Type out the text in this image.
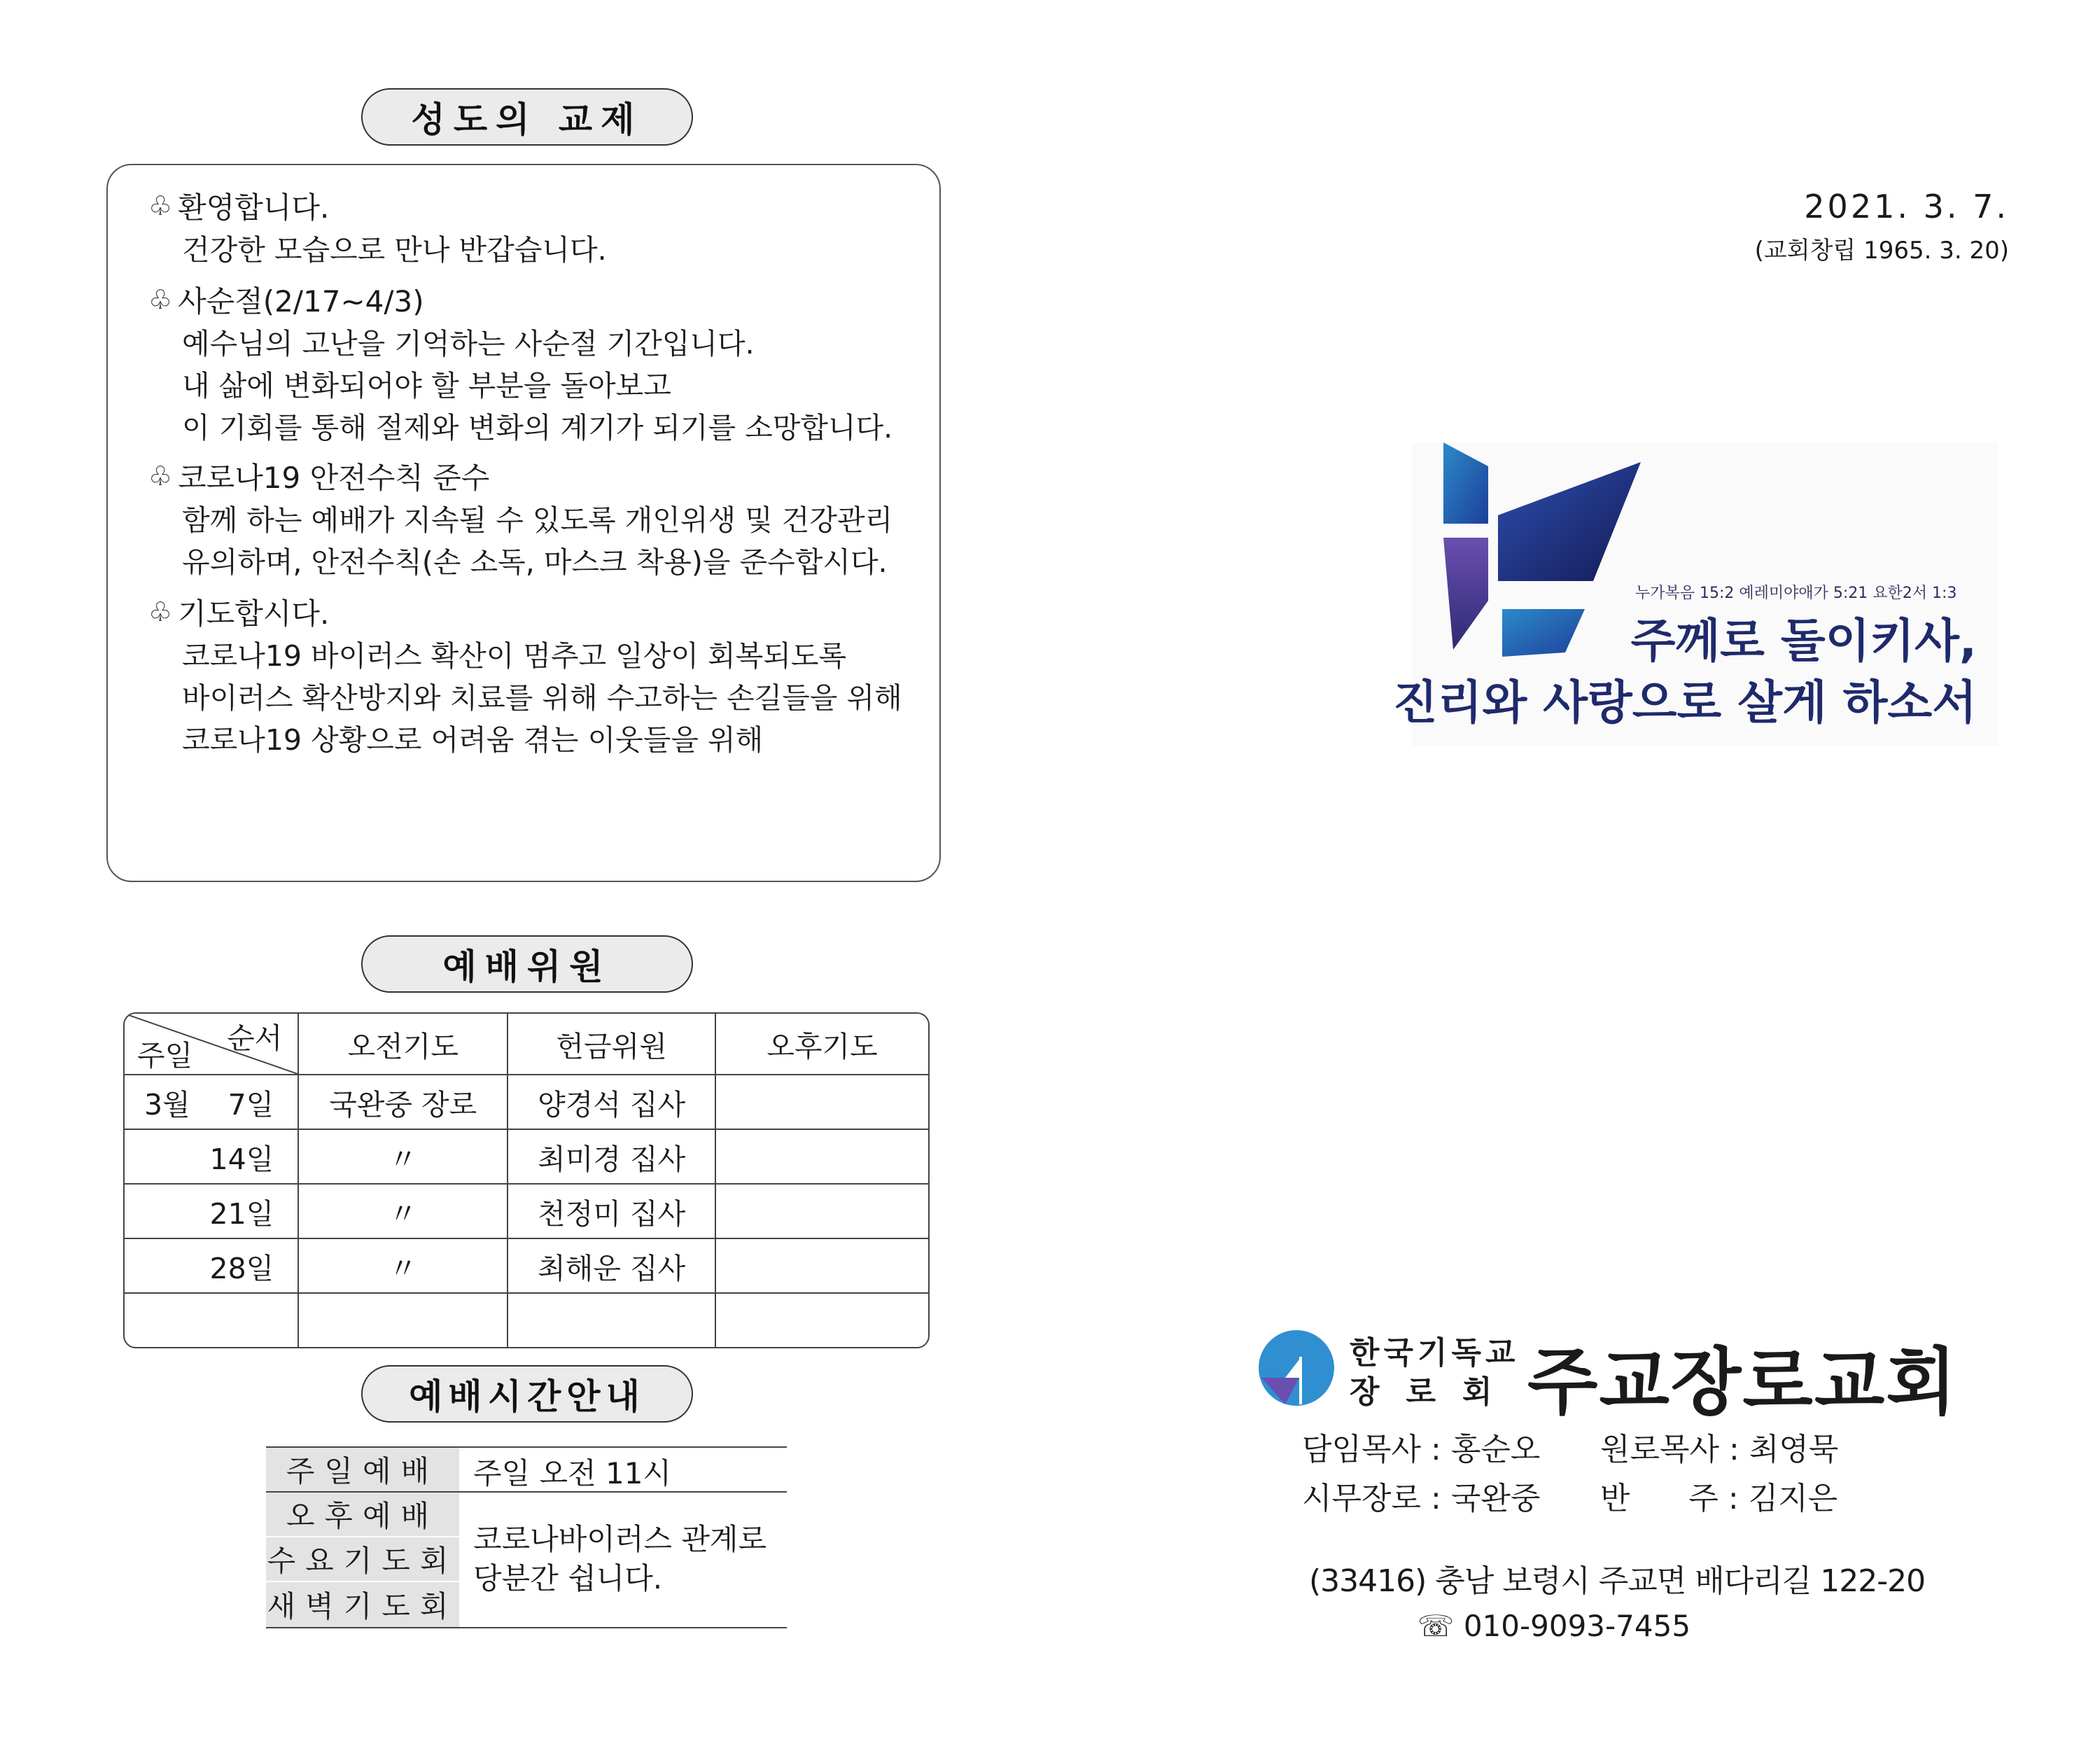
성도의 교제
♧ 환영합니다.
건강한 모습으로 만나 반갑습니다.
♧ 사순절(2/17~4/3)
예수님의 고난을 기억하는 사순절 기간입니다.
내 삶에 변화되어야 할 부분을 돌아보고
이 기회를 통해 절제와 변화의 계기가 되기를 소망합니다.
♧ 코로나19 안전수칙 준수
함께 하는 예배가 지속될 수 있도록 개인위생 및 건강관리
유의하며, 안전수칙(손 소독, 마스크 착용)을 준수합시다.
♧ 기도합시다.
코로나19 바이러스 확산이 멈추고 일상이 회복되도록
바이러스 확산방지와 치료를 위해 수고하는 손길들을 위해
코로나19 상황으로 어려움 겪는 이웃들을 위해
예배위원
순서
주일	오전기도	헌금위원	오후기도

3월 7일	국완중 장로	양경석 집사	
14일	〃	최미경 집사	
21일	〃	천정미 집사	
28일	〃	최해운 집사	

예배시간안내
주일예배	주일 오전 11시
오후예배
수요기도회
새벽기도회
코로나바이러스 관계로
당분간 쉽니다.
2021. 3. 7.
(교회창립 1965. 3. 20)
누가복음 15:2 예레미야애가 5:21 요한2서 1:3
주께로 돌이키사,
진리와 사랑으로 살게 하소서
한국기독교
장로회 주교장로교회
담임목사 : 홍순오 원로목사 : 최영묵
시무장로 : 국완중 반      주 : 김지은
(33416) 충남 보령시 주교면 배다리길 122-20
☏ 010-9093-7455
